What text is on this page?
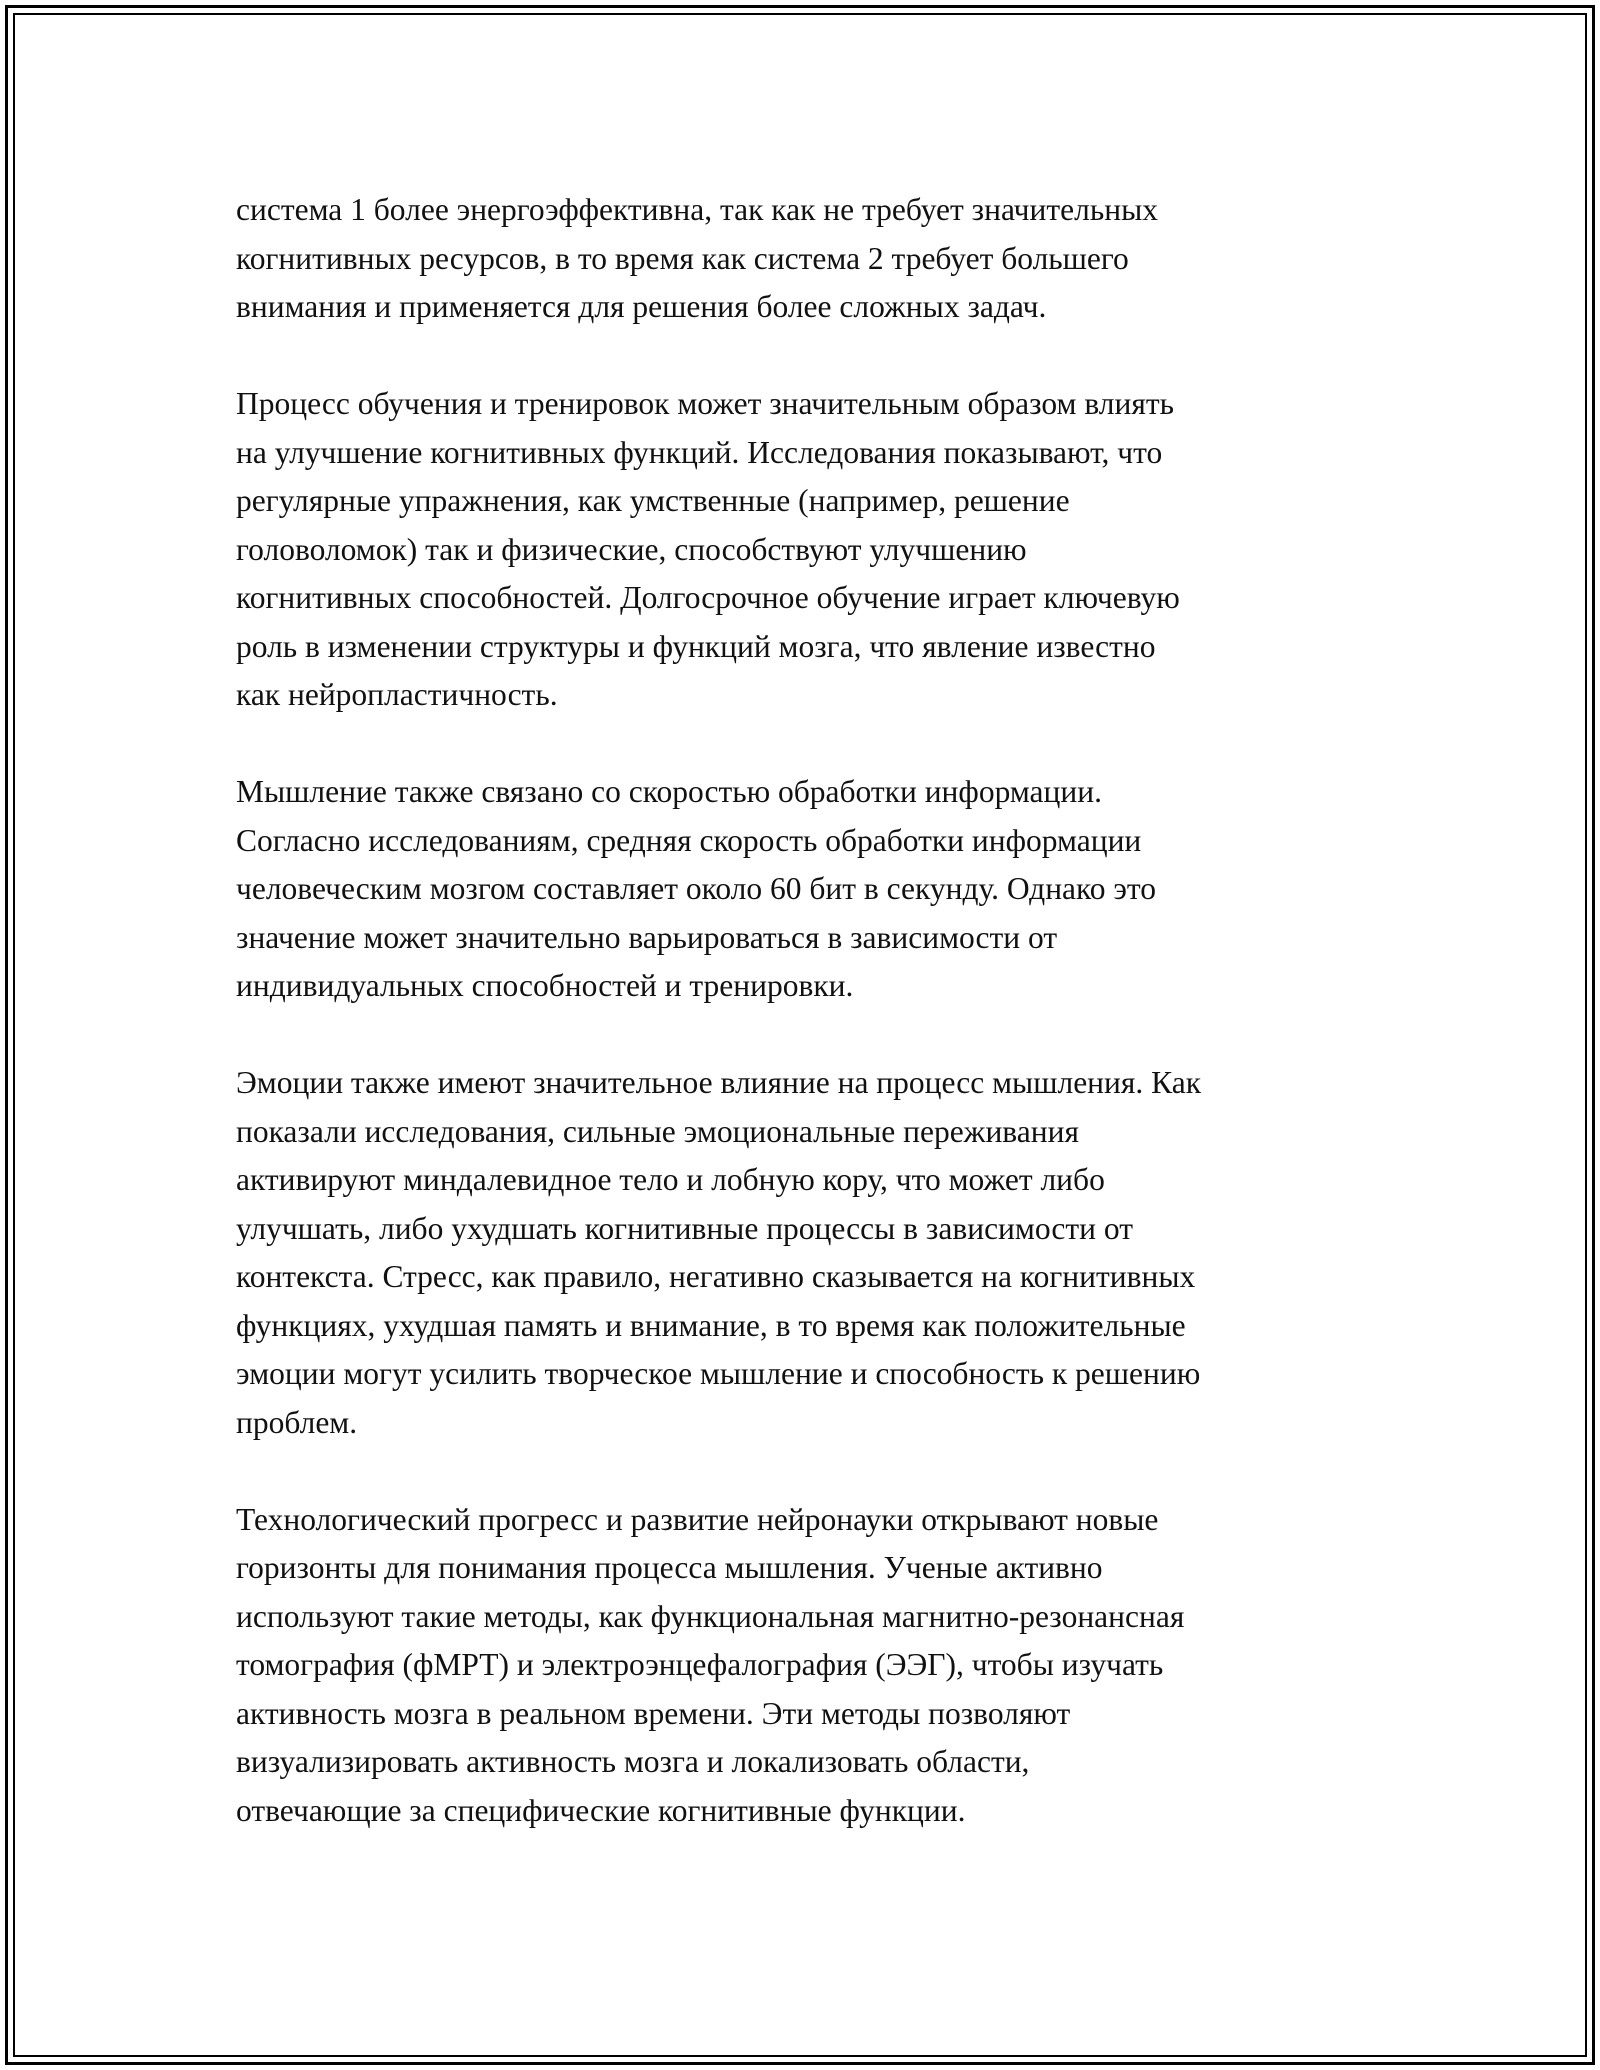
система 1 более энергоэффективна, так как не требует значительных
когнитивных ресурсов, в то время как система 2 требует большего
внимания и применяется для решения более сложных задач.

Процесс обучения и тренировок может значительным образом влиять
на улучшение когнитивных функций. Исследования показывают, что
регулярные упражнения, как умственные (например, решение
головоломок) так и физические, способствуют улучшению
когнитивных способностей. Долгосрочное обучение играет ключевую
роль в изменении структуры и функций мозга, что явление известно
как нейропластичность.

Мышление также связано со скоростью обработки информации.
Согласно исследованиям, средняя скорость обработки информации
человеческим мозгом составляет около 60 бит в секунду. Однако это
значение может значительно варьироваться в зависимости от
индивидуальных способностей и тренировки.

Эмоции также имеют значительное влияние на процесс мышления. Как
показали исследования, сильные эмоциональные переживания
активируют миндалевидное тело и лобную кору, что может либо
улучшать, либо ухудшать когнитивные процессы в зависимости от
контекста. Стресс, как правило, негативно сказывается на когнитивных
функциях, ухудшая память и внимание, в то время как положительные
эмоции могут усилить творческое мышление и способность к решению
проблем.

Технологический прогресс и развитие нейронауки открывают новые
горизонты для понимания процесса мышления. Ученые активно
используют такие методы, как функциональная магнитно-резонансная
томография (фМРТ) и электроэнцефалография (ЭЭГ), чтобы изучать
активность мозга в реальном времени. Эти методы позволяют
визуализировать активность мозга и локализовать области,
отвечающие за специфические когнитивные функции.
